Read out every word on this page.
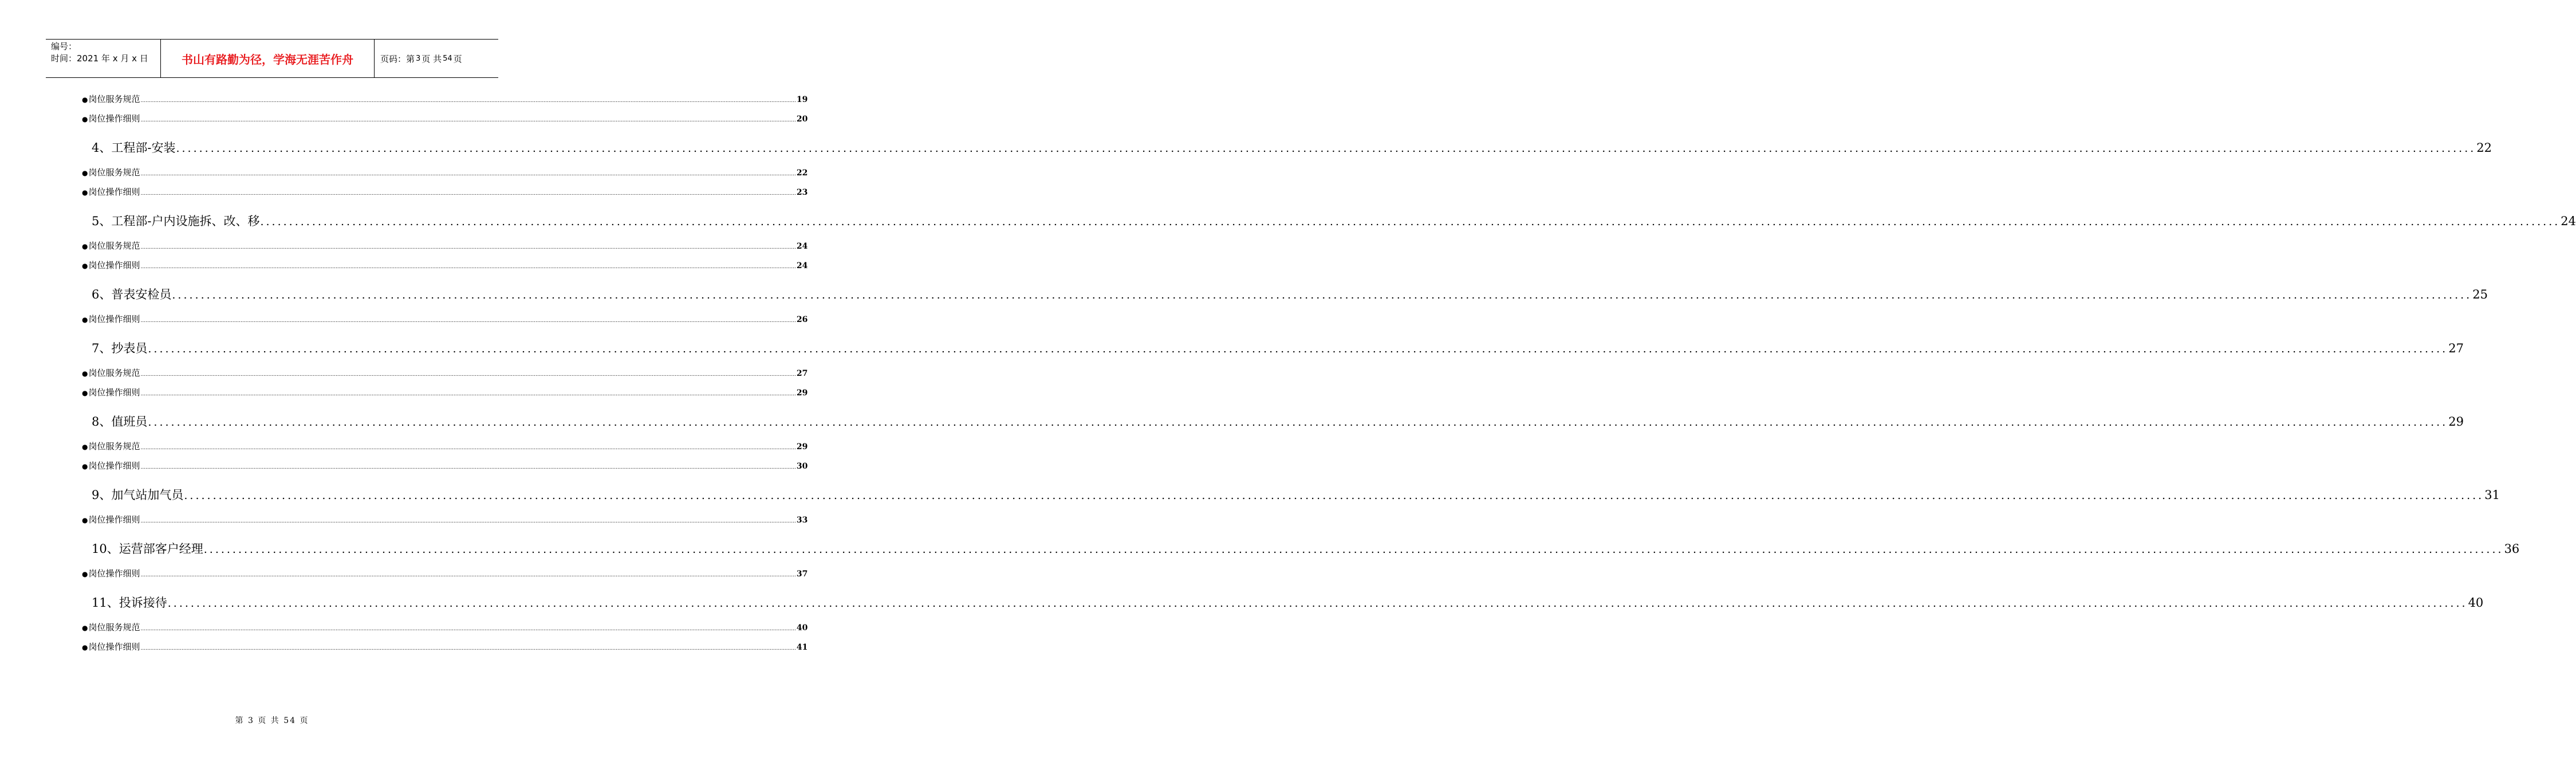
编号：
时间：2021 年 x 月 x 日	书山有路勤为径，学海无涯苦作舟	页码：第 3 页 共 54 页
● 岗位服务规范 ................................................................................................................................................................................................................................................................................................................................................................................................................ 19
● 岗位操作细则 ................................................................................................................................................................................................................................................................................................................................................................................................................ 20
4、工程部-安装 ................................................................................................................................................................................................................................................................................................................................................................................................................ 22
● 岗位服务规范 ................................................................................................................................................................................................................................................................................................................................................................................................................ 22
● 岗位操作细则 ................................................................................................................................................................................................................................................................................................................................................................................................................ 23
5、工程部-户内设施拆、改、移 ................................................................................................................................................................................................................................................................................................................................................................................................................ 24
● 岗位服务规范 ................................................................................................................................................................................................................................................................................................................................................................................................................ 24
● 岗位操作细则 ................................................................................................................................................................................................................................................................................................................................................................................................................ 24
6、普表安检员 ................................................................................................................................................................................................................................................................................................................................................................................................................ 25
● 岗位操作细则 ................................................................................................................................................................................................................................................................................................................................................................................................................ 26
7、抄表员 ................................................................................................................................................................................................................................................................................................................................................................................................................ 27
● 岗位服务规范 ................................................................................................................................................................................................................................................................................................................................................................................................................ 27
● 岗位操作细则 ................................................................................................................................................................................................................................................................................................................................................................................................................ 29
8、值班员 ................................................................................................................................................................................................................................................................................................................................................................................................................ 29
● 岗位服务规范 ................................................................................................................................................................................................................................................................................................................................................................................................................ 29
● 岗位操作细则 ................................................................................................................................................................................................................................................................................................................................................................................................................ 30
9、加气站加气员 ................................................................................................................................................................................................................................................................................................................................................................................................................ 31
● 岗位操作细则 ................................................................................................................................................................................................................................................................................................................................................................................................................ 33
10、运营部客户经理 ................................................................................................................................................................................................................................................................................................................................................................................................................ 36
● 岗位操作细则 ................................................................................................................................................................................................................................................................................................................................................................................................................ 37
11、投诉接待 ................................................................................................................................................................................................................................................................................................................................................................................................................ 40
● 岗位服务规范 ................................................................................................................................................................................................................................................................................................................................................................................................................ 40
● 岗位操作细则 ................................................................................................................................................................................................................................................................................................................................................................................................................ 41
第 3 页 共 54 页
